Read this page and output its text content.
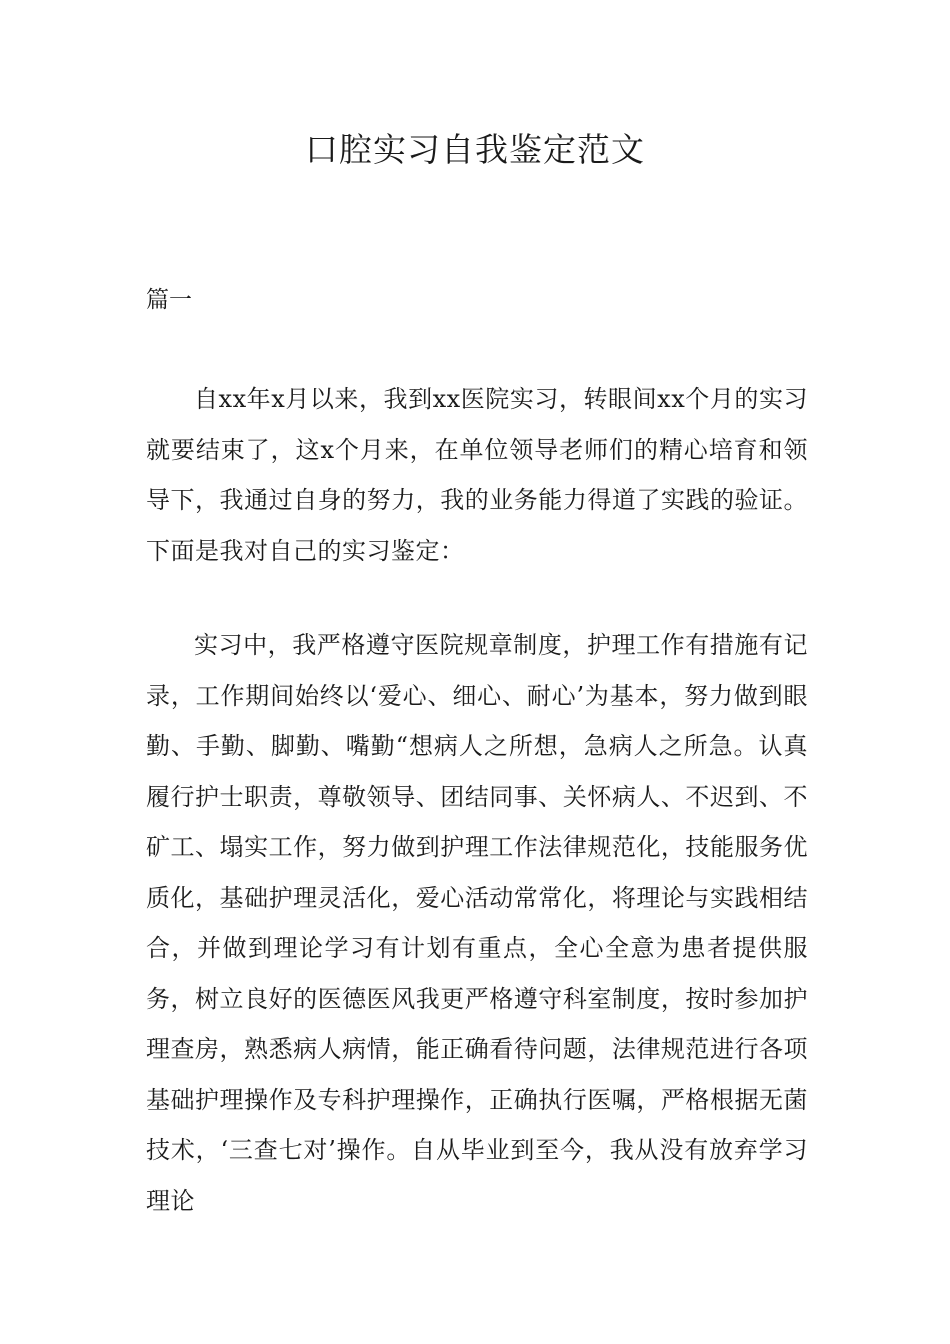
口腔实习自我鉴定范文

篇一

自xx年x月以来，我到xx医院实习，转眼间xx个月的实习就要结束了，这x个月来，在单位领导老师们的精心培育和领导下，我通过自身的努力，我的业务能力得道了实践的验证。下面是我对自己的实习鉴定：

实习中，我严格遵守医院规章制度，护理工作有措施有记录，工作期间始终以‘爱心、细心、耐心’为基本，努力做到眼勤、手勤、脚勤、嘴勤“想病人之所想，急病人之所急。认真履行护士职责，尊敬领导、团结同事、关怀病人、不迟到、不矿工、塌实工作，努力做到护理工作法律规范化，技能服务优质化，基础护理灵活化，爱心活动常常化，将理论与实践相结合，并做到理论学习有计划有重点，全心全意为患者提供服务，树立良好的医德医风我更严格遵守科室制度，按时参加护理查房，熟悉病人病情，能正确看待问题，法律规范进行各项基础护理操作及专科护理操作，正确执行医嘱，严格根据无菌技术，‘三查七对’操作。自从毕业到至今，我从没有放弃学习理论
